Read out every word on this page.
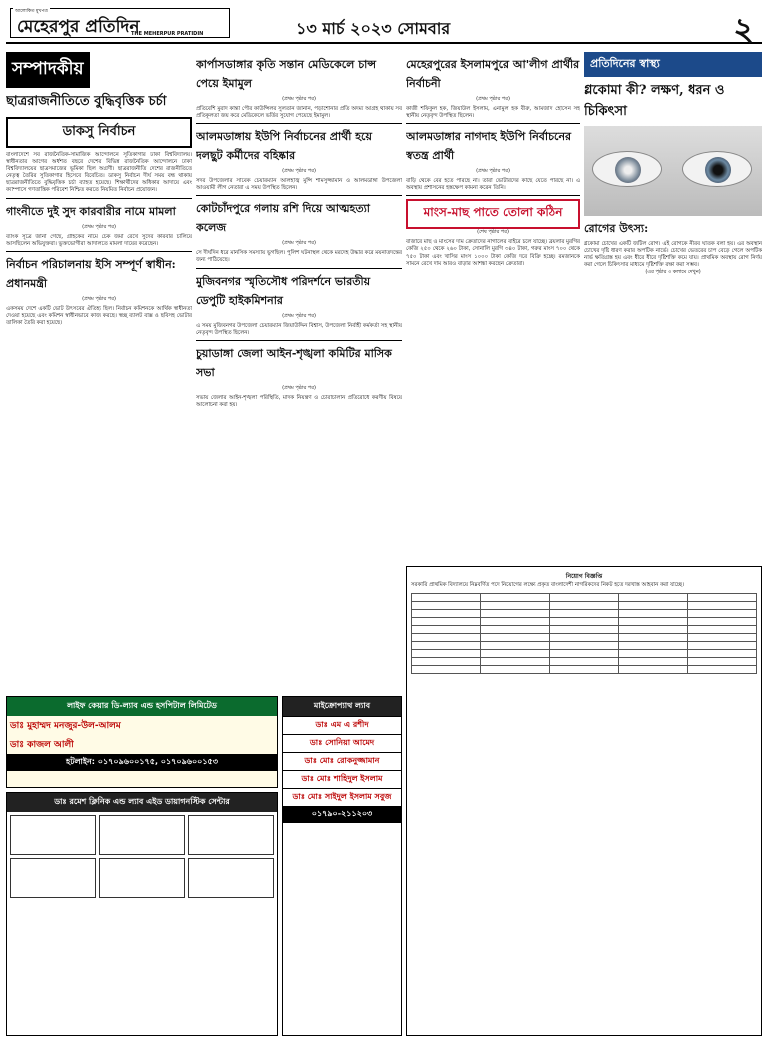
আলোকিত মুখপত্র
মেহেরপুর প্রতিদিন
THE MEHERPUR PRATIDIN	১৩ মার্চ ২০২৩ সোমবার	২
সম্পাদকীয়
ছাত্ররাজনীতিতে বুদ্ধিবৃত্তিক চর্চা
ডাকসু নির্বাচন

বাংলাদেশে সব রাজনৈতিক-সামাজিক আন্দোলনে সূতিকাগার ঢাকা বিশ্ববিদ্যালয়। স্বাধীনতার আগের অর্ধশত বছরে দেশের বিভিন্ন রাজনৈতিক আন্দোলনে ঢাকা বিশ্ববিদ্যালয়ের ছাত্রসমাজের ভূমিকা ছিল অগ্রণী। ছাত্ররাজনীতি দেশের রাজনীতিতে নেতৃত্ব তৈরির সুতিকাগার হিসেবে বিবেচিত। ডাকসু নির্বাচন দীর্ঘ সময় বন্ধ থাকায় ছাত্ররাজনীতিতে বুদ্ধিবৃত্তিক চর্চা ব্যাহত হয়েছে। শিক্ষার্থীদের অধিকার আদায়ে এবং ক্যাম্পাসে গণতান্ত্রিক পরিবেশ নিশ্চিত করতে নিয়মিত নির্বাচন প্রয়োজন।

গাংনীতে দুই সুদ কারবারীর নামে মামলা
(প্রথম পৃষ্ঠার পর)

ব্যাংক সূত্রে জানা গেছে, গ্রাহকের নামে চেক জমা রেখে সুদের কারবার চালিয়ে আসছিলেন অভিযুক্তরা। ভুক্তভোগীরা আদালতে মামলা দায়ের করেছেন।

নির্বাচন পরিচালনায় ইসি সম্পূর্ণ স্বাধীন: প্রধানমন্ত্রী
(প্রথম পৃষ্ঠার পর)

একসময় দেশে একটি ভোট উৎসবের ঐতিহ্য ছিল। নির্বাচন কমিশনকে আর্থিক স্বাধীনতা দেওয়া হয়েছে এবং কমিশন স্বাধীনভাবে কাজ করছে। স্বচ্ছ ব্যালট বাক্স ও ছবিসহ ভোটার তালিকা তৈরি করা হয়েছে।

কার্পাসডাঙ্গার কৃতি সন্তান মেডিকেলে চান্স পেয়ে ইমামুল
(প্রথম পৃষ্ঠার পর)

প্রতিবেশি মুরাদ কান্তা পৌর কাউন্সিলর সুলতান জানান, পড়াশোনার প্রতি অদম্য আগ্রহ থাকায় সব প্রতিকূলতা জয় করে মেডিকেলে ভর্তির সুযোগ পেয়েছে ইমামুল।

আলমডাঙ্গায় ইউপি নির্বাচনের প্রার্থী হয়ে দলছুট কর্মীদের বহিষ্কার
(প্রথম পৃষ্ঠার পর)

সদর উপজেলার সাবেক চেয়ারম্যান আলহাজ্ব মুন্সি শামসুজ্জামান ও আলমডাঙ্গা উপজেলা আওয়ামী লীগ নেতারা এ সময় উপস্থিত ছিলেন।

কোটচাঁদপুরে গলায় রশি দিয়ে আত্মহত্যা কলেজ
(প্রথম পৃষ্ঠার পর)

সে দীর্ঘদিন ধরে মানসিক সমস্যায় ভুগছিল। পুলিশ ঘটনাস্থল থেকে মরদেহ উদ্ধার করে ময়নাতদন্তের জন্য পাঠিয়েছে।

মুজিবনগর স্মৃতিসৌধ পরিদর্শনে ভারতীয় ডেপুটি হাইকমিশনার
(প্রথম পৃষ্ঠার পর)

এ সময় মুজিবনগর উপজেলা চেয়ারম্যান জিয়াউদ্দিন বিশ্বাস, উপজেলা নির্বাহী কর্মকর্তা সহ স্থানীয় নেতৃবৃন্দ উপস্থিত ছিলেন।

চুয়াডাঙ্গা জেলা আইন-শৃঙ্খলা কমিটির মাসিক সভা
(প্রথম পৃষ্ঠার পর)

সভায় জেলার আইন-শৃঙ্খলা পরিস্থিতি, মাদক নিয়ন্ত্রণ ও চোরাচালান প্রতিরোধে করণীয় বিষয়ে আলোচনা করা হয়।

মেহেরপুরের ইসলামপুরে আ'লীগ প্রার্থীর নির্বাচনী
(প্রথম পৃষ্ঠার পর)

কাজী শফিকুল হক, জিয়াউল ইসলাম, এনামুল হক বীরু, আমজাদ হোসেন সহ স্থানীয় নেতৃবৃন্দ উপস্থিত ছিলেন।

আলমডাঙ্গার নাগদাহ ইউপি নির্বাচনের স্বতন্ত্র প্রার্থী
(প্রথম পৃষ্ঠার পর)

বাড়ি থেকে বের হতে পারছে না। তারা ভোটারদের কাছে যেতে পারছে না। এ অবস্থায় প্রশাসনের হস্তক্ষেপ কামনা করেন তিনি।

মাংস-মাছ পাতে তোলা কঠিন
(শেষ পৃষ্ঠার পর)

বাজারে মাছ ও মাংসের দাম ক্রেতাদের নাগালের বাইরে চলে যাচ্ছে। ব্রয়লার মুরগির কেজি ২৫০ থেকে ২৬০ টাকা, সোনালি মুরগি ৩৪০ টাকা, গরুর মাংস ৭০০ থেকে ৭৫০ টাকা এবং খাসির মাংস ১০০০ টাকা কেজি দরে বিক্রি হচ্ছে। রমজানকে সামনে রেখে দাম আরও বাড়ার আশঙ্কা করছেন ক্রেতারা।

প্রতিদিনের স্বাস্থ্য
গ্লকোমা কী? লক্ষণ, ধরন ও চিকিৎসা
রোগের উৎস্য:

গ্লকোমা চোখের একটি জটিল রোগ। এই রোগকে নীরব ঘাতক বলা হয়। এর অবস্থান চোখের দৃষ্টি ধারণ করার অপটিক নার্ভে। চোখের ভেতরের চাপ বেড়ে গেলে অপটিক নার্ভ ক্ষতিগ্রস্ত হয় এবং ধীরে ধীরে দৃষ্টিশক্তি কমে যায়। প্রাথমিক অবস্থায় রোগ নির্ণয় করা গেলে চিকিৎসার মাধ্যমে দৃষ্টিশক্তি রক্ষা করা সম্ভব।

(এর পৃষ্ঠার ৩ কলামে দেখুন)
নিয়োগ বিজ্ঞপ্তি

সরকারি প্রাথমিক বিদ্যালয়ে নিম্নবর্ণিত পদে নিয়োগের লক্ষ্যে প্রকৃত বাংলাদেশী নাগরিকদের নিকট হতে দরখাস্ত আহবান করা যাচ্ছে।

লাইফ কেয়ার ডি-ল্যাব এন্ড হসপিটাল লিমিটেড
ডাঃ মুহাম্মদ মনজুর-উল-আলম
ডাঃ কাজল আলী
হটলাইন: ০১৭০৯৬০০১৭৫, ০১৭০৯৬০০১৫৩
ডাঃ রমেশ ক্লিনিক এন্ড ল্যাব এইড ডায়াগনস্টিক সেন্টার
মাইক্রোপ্যাথ ল্যাব
ডাঃ এম এ রশীদ
ডাঃ সোনিয়া আমেদ
ডাঃ মোঃ রোকনুজ্জামান
ডাঃ মোঃ শাহিদুল ইসলাম
ডাঃ মোঃ সাইদুল ইসলাম সবুজ
০১৭৯০-২১১২০৩
